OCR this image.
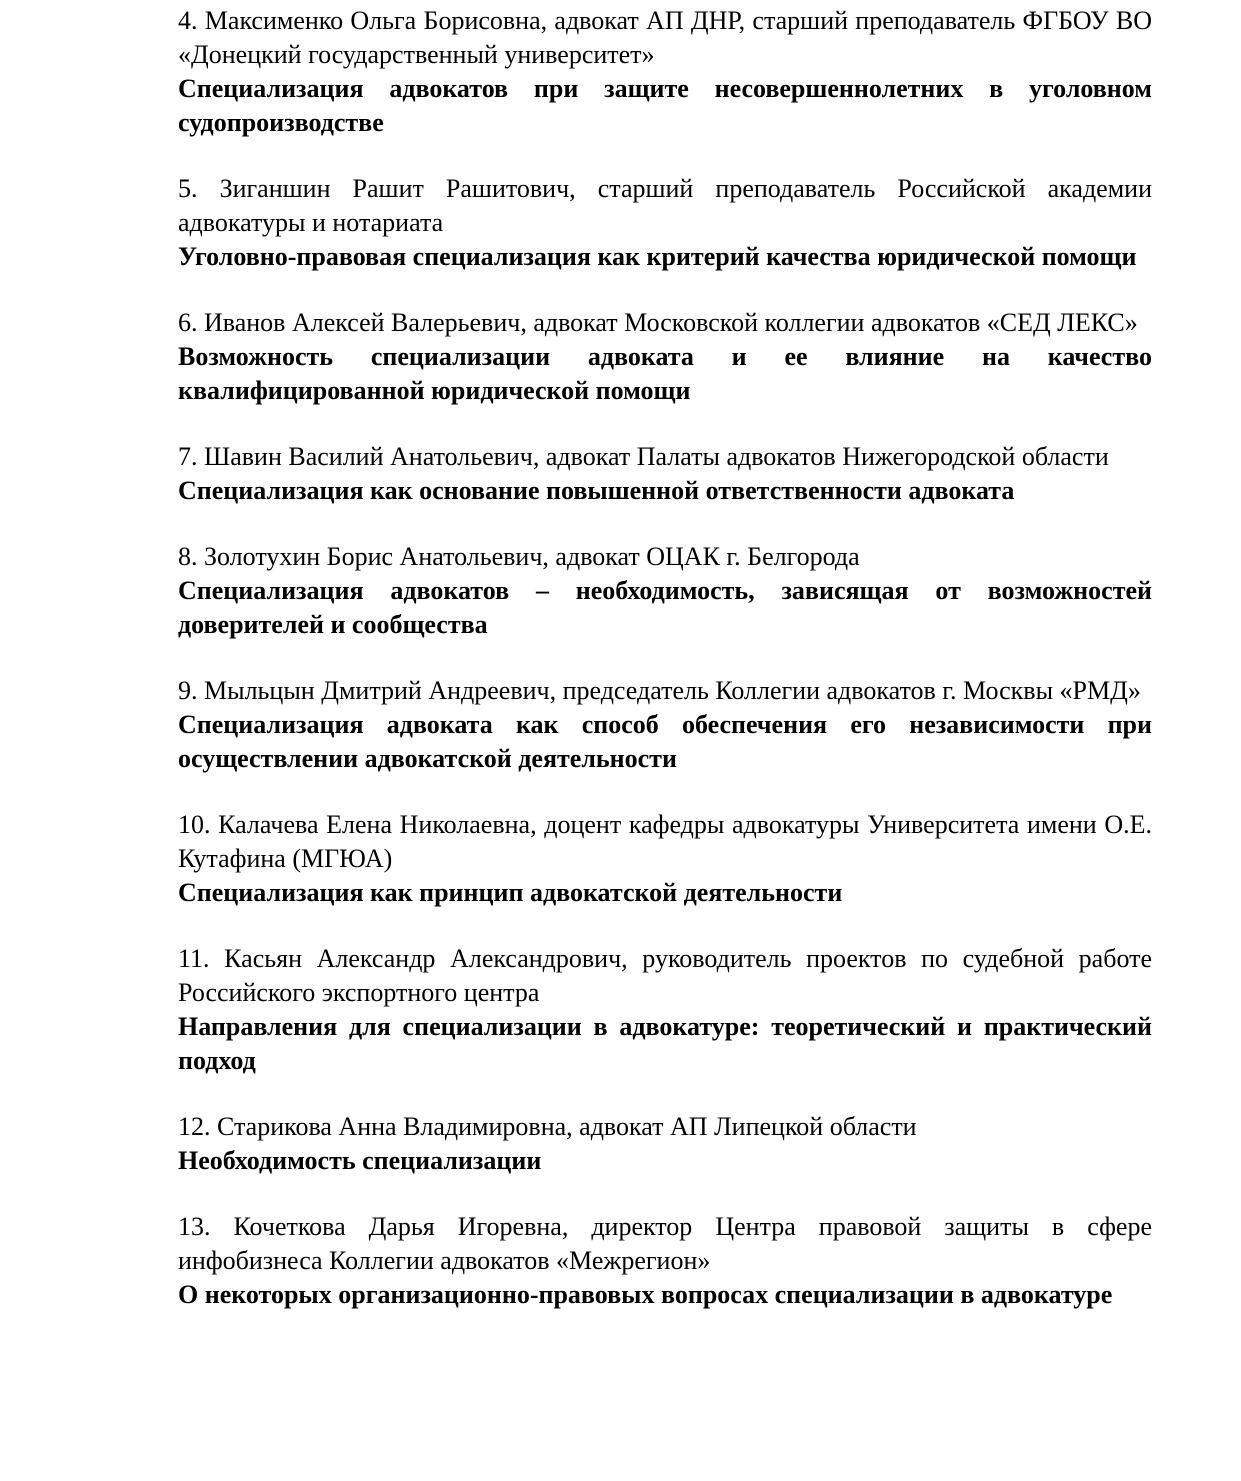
4. Максименко Ольга Борисовна, адвокат АП ДНР, старший преподаватель ФГБОУ ВО «Донецкий государственный университет»

Специализация адвокатов при защите несовершеннолетних в уголовном судопроизводстве

5. Зиганшин Рашит Рашитович, старший преподаватель Российской академии адвокатуры и нотариата

Уголовно-правовая специализация как критерий качества юридической помощи

6. Иванов Алексей Валерьевич, адвокат Московской коллегии адвокатов «СЕД ЛЕКС»

Возможность специализации адвоката и ее влияние на качество квалифицированной юридической помощи

7. Шавин Василий Анатольевич, адвокат Палаты адвокатов Нижегородской области

Специализация как основание повышенной ответственности адвоката

8. Золотухин Борис Анатольевич, адвокат ОЦАК г. Белгорода

Специализация адвокатов – необходимость, зависящая от возможностей доверителей и сообщества

9. Мыльцын Дмитрий Андреевич, председатель Коллегии адвокатов г. Москвы «РМД»

Специализация адвоката как способ обеспечения его независимости при осуществлении адвокатской деятельности

10. Калачева Елена Николаевна, доцент кафедры адвокатуры Университета имени О.Е. Кутафина (МГЮА)

Специализация как принцип адвокатской деятельности

11. Касьян Александр Александрович, руководитель проектов по судебной работе Российского экспортного центра

Направления для специализации в адвокатуре: теоретический и практический подход

12. Старикова Анна Владимировна, адвокат АП Липецкой области

Необходимость специализации

13. Кочеткова Дарья Игоревна, директор Центра правовой защиты в сфере инфобизнеса Коллегии адвокатов «Межрегион»

О некоторых организационно-правовых вопросах специализации в адвокатуре
